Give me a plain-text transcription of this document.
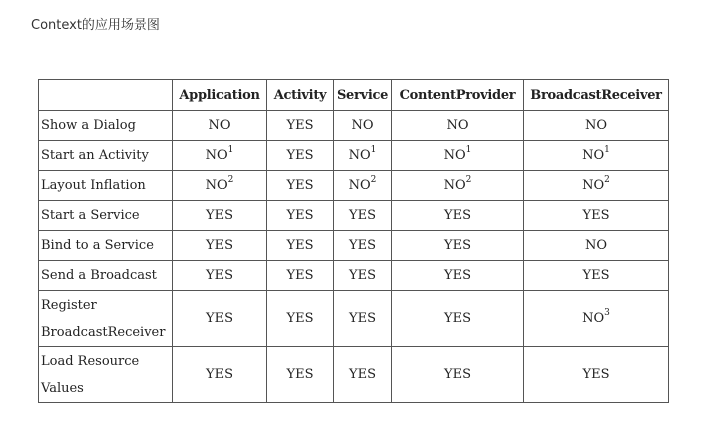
Context的应用场景图
	Application	Activity	Service	ContentProvider	BroadcastReceiver
Show a Dialog	NO	YES	NO	NO	NO
Start an Activity	$NO^1$	YES	$NO^1$	$NO^1$	$NO^1$
Layout Inflation	$NO^2$	YES	$NO^2$	$NO^2$	$NO^2$
Start a Service	YES	YES	YES	YES	YES
Bind to a Service	YES	YES	YES	YES	NO
Send a Broadcast	YES	YES	YES	YES	YES
Register BroadcastReceiver	YES	YES	YES	YES	$NO^3$
Load Resource Values	YES	YES	YES	YES	YES
